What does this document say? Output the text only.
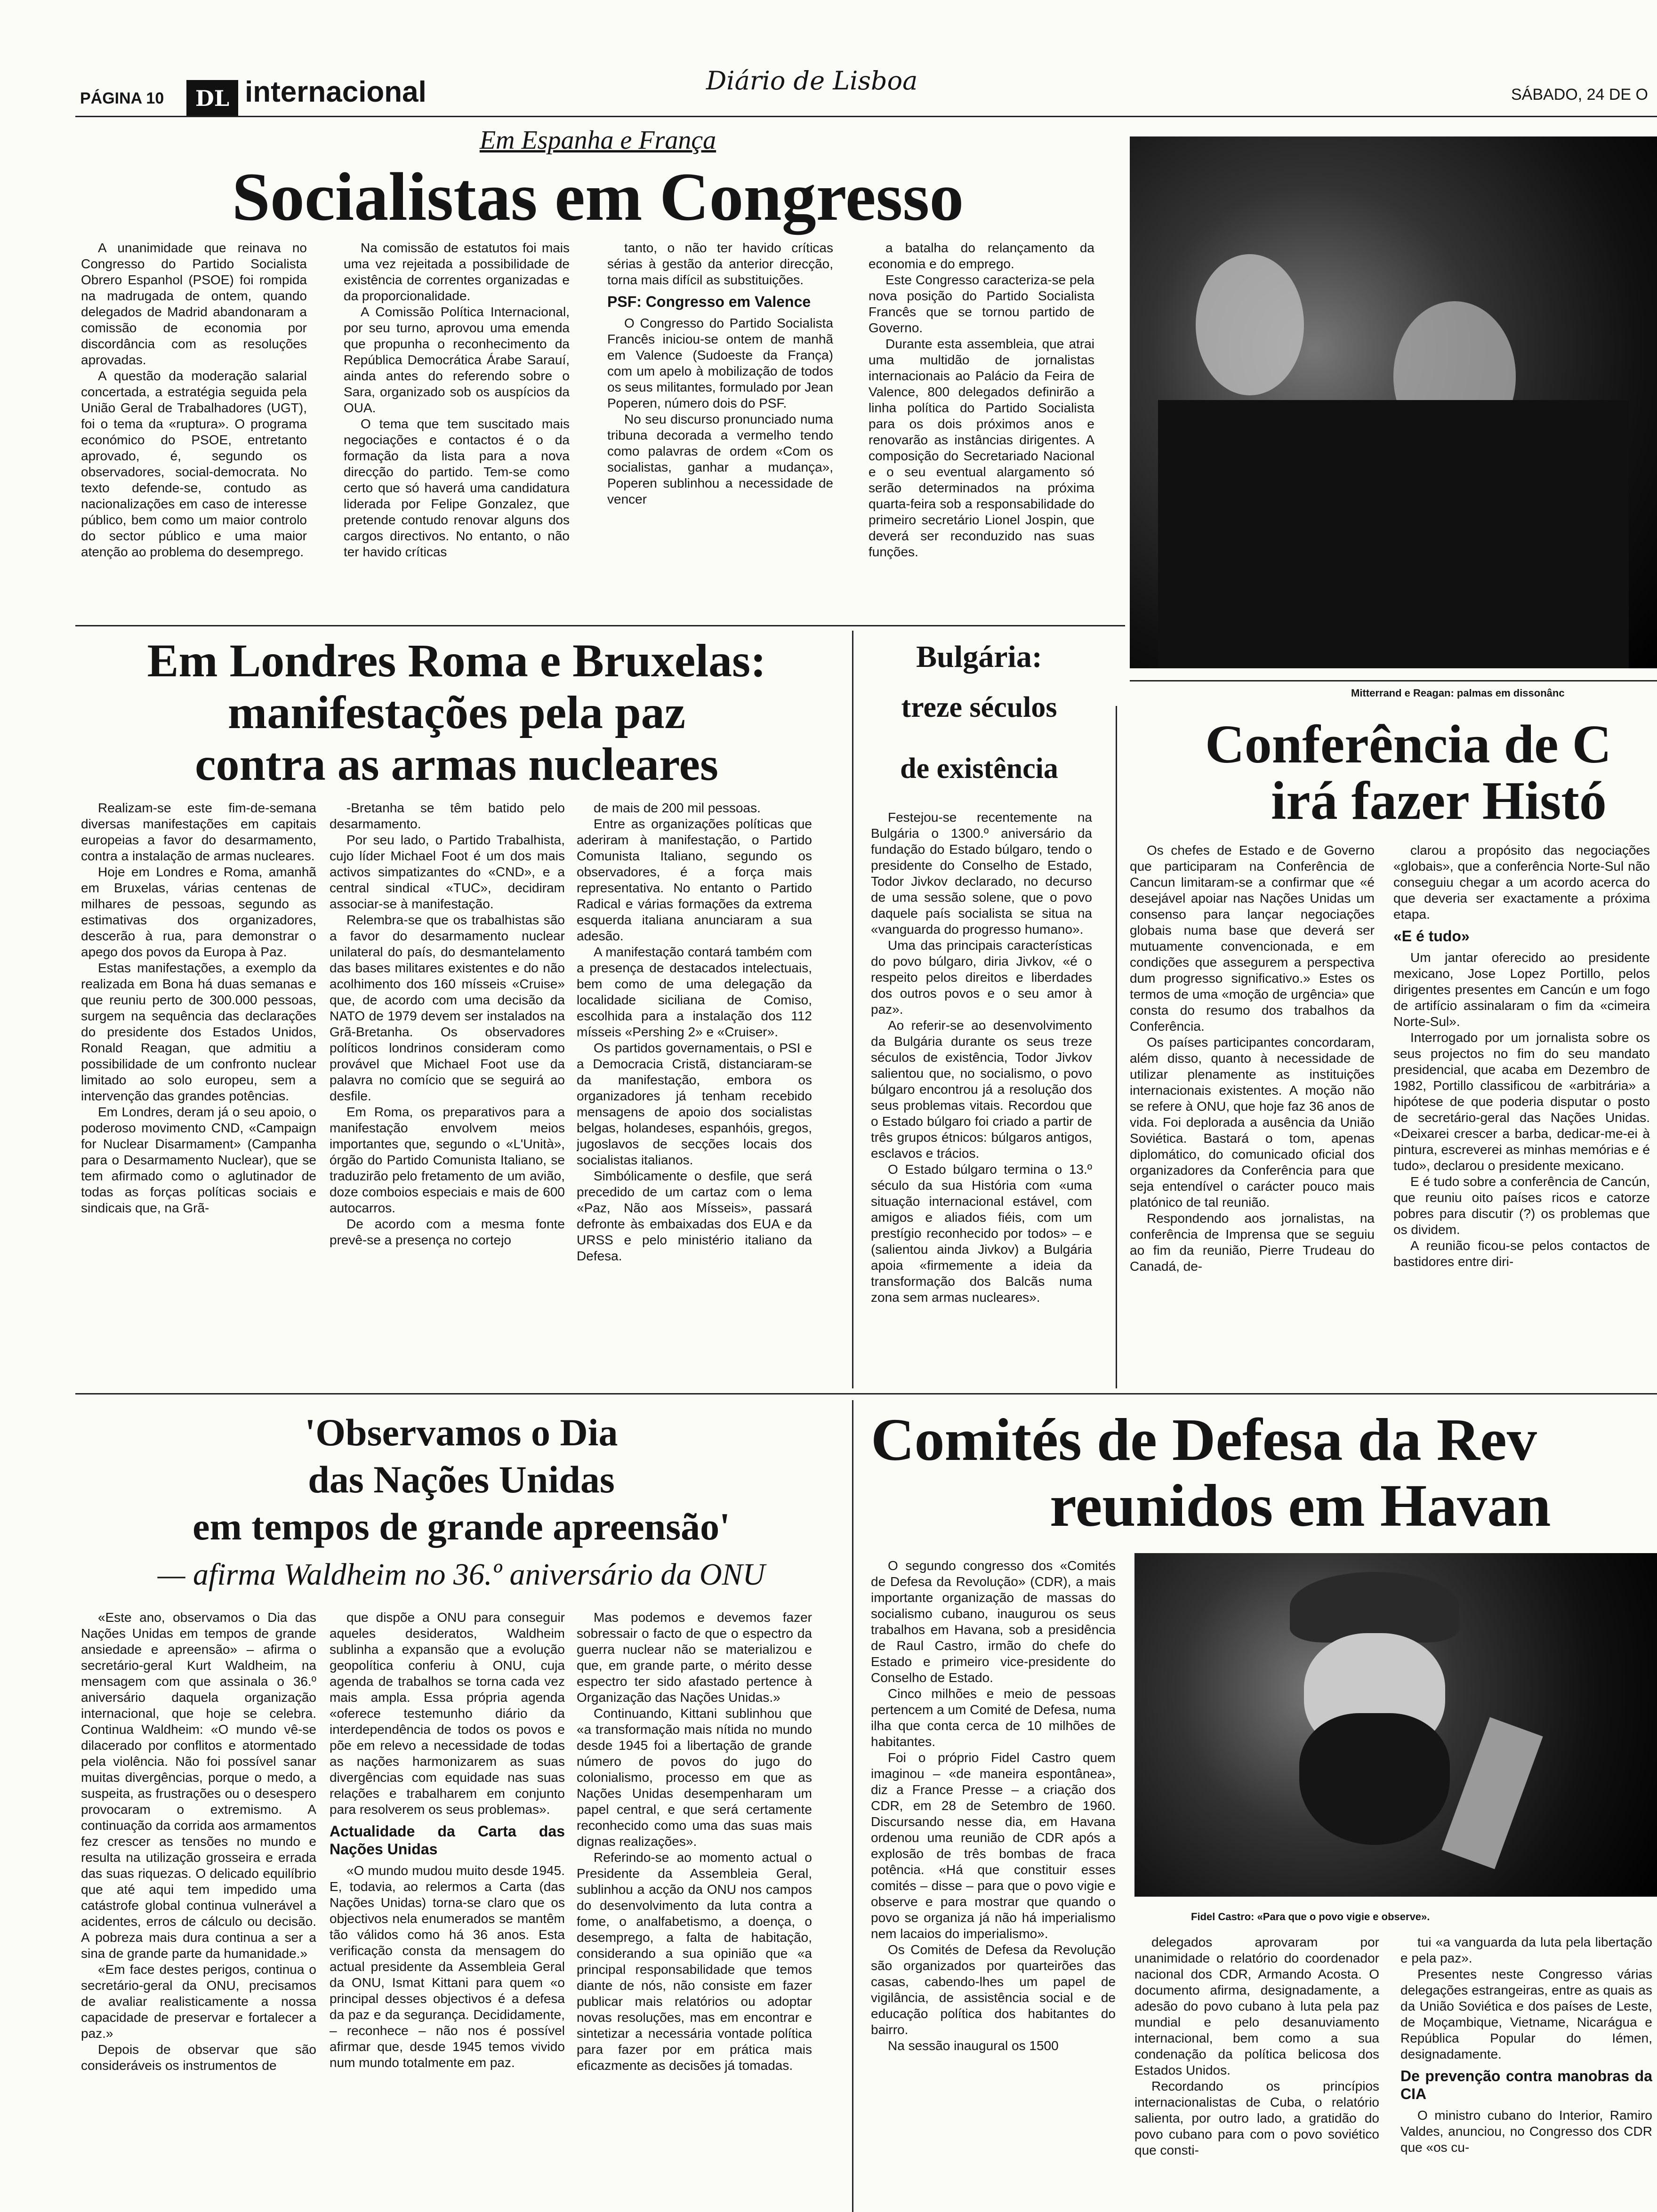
PÁGINA 10	DL internacional	Diário de Lisboa	SÁBADO, 24 DE O
Em Espanha e França
Socialistas em Congresso

A unanimidade que reinava no Congresso do Partido Socialista Obrero Espanhol (PSOE) foi rompida na madrugada de ontem, quando delegados de Madrid abandonaram a comissão de economia por discordância com as resoluções aprovadas.

A questão da moderação salarial concertada, a estratégia seguida pela União Geral de Trabalhadores (UGT), foi o tema da «ruptura». O programa económico do PSOE, entretanto aprovado, é, segundo os observadores, social-democrata. No texto defende-se, contudo as nacionalizações em caso de interesse público, bem como um maior controlo do sector público e uma maior atenção ao problema do desemprego.

Na comissão de estatutos foi mais uma vez rejeitada a possibilidade de existência de correntes organizadas e da proporcionalidade.

A Comissão Política Internacional, por seu turno, aprovou uma emenda que propunha o reconhecimento da República Democrática Árabe Sarauí, ainda antes do referendo sobre o Sara, organizado sob os auspícios da OUA.

O tema que tem suscitado mais negociações e contactos é o da formação da lista para a nova direcção do partido. Tem-se como certo que só haverá uma candidatura liderada por Felipe Gonzalez, que pretende contudo renovar alguns dos cargos directivos. No entanto, o não ter havido críticas

tanto, o não ter havido críticas sérias à gestão da anterior direcção, torna mais difícil as substituições.

PSF: Congresso em Valence

O Congresso do Partido Socialista Francês iniciou-se ontem de manhã em Valence (Sudoeste da França) com um apelo à mobilização de todos os seus militantes, formulado por Jean Poperen, número dois do PSF.

No seu discurso pronunciado numa tribuna decorada a vermelho tendo como palavras de ordem «Com os socialistas, ganhar a mudança», Poperen sublinhou a necessidade de vencer

a batalha do relançamento da economia e do emprego.

Este Congresso caracteriza-se pela nova posição do Partido Socialista Francês que se tornou partido de Governo.

Durante esta assembleia, que atrai uma multidão de jornalistas internacionais ao Palácio da Feira de Valence, 800 delegados definirão a linha política do Partido Socialista para os dois próximos anos e renovarão as instâncias dirigentes. A composição do Secretariado Nacional e o seu eventual alargamento só serão determinados na próxima quarta-feira sob a responsabilidade do primeiro secretário Lionel Jospin, que deverá ser reconduzido nas suas funções.

Mitterrand e Reagan: palmas em dissonânc
Em Londres Roma e Bruxelas:
manifestações pela paz
contra as armas nucleares

Realizam-se este fim-de-semana diversas manifestações em capitais europeias a favor do desarmamento, contra a instalação de armas nucleares.

Hoje em Londres e Roma, amanhã em Bruxelas, várias centenas de milhares de pessoas, segundo as estimativas dos organizadores, descerão à rua, para demonstrar o apego dos povos da Europa à Paz.

Estas manifestações, a exemplo da realizada em Bona há duas semanas e que reuniu perto de 300.000 pessoas, surgem na sequência das declarações do presidente dos Estados Unidos, Ronald Reagan, que admitiu a possibilidade de um confronto nuclear limitado ao solo europeu, sem a intervenção das grandes potências.

Em Londres, deram já o seu apoio, o poderoso movimento CND, «Campaign for Nuclear Disarmament» (Campanha para o Desarmamento Nuclear), que se tem afirmado como o aglutinador de todas as forças políticas sociais e sindicais que, na Grã-

-Bretanha se têm batido pelo desarmamento.

Por seu lado, o Partido Trabalhista, cujo líder Michael Foot é um dos mais activos simpatizantes do «CND», e a central sindical «TUC», decidiram associar-se à manifestação.

Relembra-se que os trabalhistas são a favor do desarmamento nuclear unilateral do país, do desmantelamento das bases militares existentes e do não acolhimento dos 160 mísseis «Cruise» que, de acordo com uma decisão da NATO de 1979 devem ser instalados na Grã-Bretanha. Os observadores políticos londrinos consideram como provável que Michael Foot use da palavra no comício que se seguirá ao desfile.

Em Roma, os preparativos para a manifestação envolvem meios importantes que, segundo o «L'Unità», órgão do Partido Comunista Italiano, se traduzirão pelo fretamento de um avião, doze comboios especiais e mais de 600 autocarros.

De acordo com a mesma fonte prevê-se a presença no cortejo

de mais de 200 mil pessoas.

Entre as organizações políticas que aderiram à manifestação, o Partido Comunista Italiano, segundo os observadores, é a força mais representativa. No entanto o Partido Radical e várias formações da extrema esquerda italiana anunciaram a sua adesão.

A manifestação contará também com a presença de destacados intelectuais, bem como de uma delegação da localidade siciliana de Comiso, escolhida para a instalação dos 112 mísseis «Pershing 2» e «Cruiser».

Os partidos governamentais, o PSI e a Democracia Cristã, distanciaram-se da manifestação, embora os organizadores já tenham recebido mensagens de apoio dos socialistas belgas, holandeses, espanhóis, gregos, jugoslavos de secções locais dos socialistas italianos.

Simbólicamente o desfile, que será precedido de um cartaz com o lema «Paz, Não aos Mísseis», passará defronte às embaixadas dos EUA e da URSS e pelo ministério italiano da Defesa.

Bulgária:
treze séculos
de existência

Festejou-se recentemente na Bulgária o 1300.º aniversário da fundação do Estado búlgaro, tendo o presidente do Conselho de Estado, Todor Jivkov declarado, no decurso de uma sessão solene, que o povo daquele país socialista se situa na «vanguarda do progresso humano».

Uma das principais características do povo búlgaro, diria Jivkov, «é o respeito pelos direitos e liberdades dos outros povos e o seu amor à paz».

Ao referir-se ao desenvolvimento da Bulgária durante os seus treze séculos de existência, Todor Jivkov salientou que, no socialismo, o povo búlgaro encontrou já a resolução dos seus problemas vitais. Recordou que o Estado búlgaro foi criado a partir de três grupos étnicos: búlgaros antigos, esclavos e trácios.

O Estado búlgaro termina o 13.º século da sua História com «uma situação internacional estável, com amigos e aliados fiéis, com um prestígio reconhecido por todos» – e (salientou ainda Jivkov) a Bulgária apoia «firmemente a ideia da transformação dos Balcãs numa zona sem armas nucleares».

Conferência de C
irá fazer Histó

Os chefes de Estado e de Governo que participaram na Conferência de Cancun limitaram-se a confirmar que «é desejável apoiar nas Nações Unidas um consenso para lançar negociações globais numa base que deverá ser mutuamente convencionada, e em condições que assegurem a perspectiva dum progresso significativo.» Estes os termos de uma «moção de urgência» que consta do resumo dos trabalhos da Conferência.

Os países participantes concordaram, além disso, quanto à necessidade de utilizar plenamente as instituições internacionais existentes. A moção não se refere à ONU, que hoje faz 36 anos de vida. Foi deplorada a ausência da União Soviética. Bastará o tom, apenas diplomático, do comunicado oficial dos organizadores da Conferência para que seja entendível o carácter pouco mais platónico de tal reunião.

Respondendo aos jornalistas, na conferência de Imprensa que se seguiu ao fim da reunião, Pierre Trudeau do Canadá, de-

clarou a propósito das negociações «globais», que a conferência Norte-Sul não conseguiu chegar a um acordo acerca do que deveria ser exactamente a próxima etapa.

«E é tudo»

Um jantar oferecido ao presidente mexicano, Jose Lopez Portillo, pelos dirigentes presentes em Cancún e um fogo de artifício assinalaram o fim da «cimeira Norte-Sul».

Interrogado por um jornalista sobre os seus projectos no fim do seu mandato presidencial, que acaba em Dezembro de 1982, Portillo classificou de «arbitrária» a hipótese de que poderia disputar o posto de secretário-geral das Nações Unidas. «Deixarei crescer a barba, dedicar-me-ei à pintura, escreverei as minhas memórias e é tudo», declarou o presidente mexicano.

E é tudo sobre a conferência de Cancún, que reuniu oito países ricos e catorze pobres para discutir (?) os problemas que os dividem.

A reunião ficou-se pelos contactos de bastidores entre diri-

'Observamos o Dia
das Nações Unidas
em tempos de grande apreensão'
— afirma Waldheim no 36.º aniversário da ONU

«Este ano, observamos o Dia das Nações Unidas em tempos de grande ansiedade e apreensão» – afirma o secretário-geral Kurt Waldheim, na mensagem com que assinala o 36.º aniversário daquela organização internacional, que hoje se celebra. Continua Waldheim: «O mundo vê-se dilacerado por conflitos e atormentado pela violência. Não foi possível sanar muitas divergências, porque o medo, a suspeita, as frustrações ou o desespero provocaram o extremismo. A continuação da corrida aos armamentos fez crescer as tensões no mundo e resulta na utilização grosseira e errada das suas riquezas. O delicado equilíbrio que até aqui tem impedido uma catástrofe global continua vulnerável a acidentes, erros de cálculo ou decisão. A pobreza mais dura continua a ser a sina de grande parte da humanidade.»

«Em face destes perigos, continua o secretário-geral da ONU, precisamos de avaliar realisticamente a nossa capacidade de preservar e fortalecer a paz.»

Depois de observar que são consideráveis os instrumentos de

que dispõe a ONU para conseguir aqueles desideratos, Waldheim sublinha a expansão que a evolução geopolítica conferiu à ONU, cuja agenda de trabalhos se torna cada vez mais ampla. Essa própria agenda «oferece testemunho diário da interdependência de todos os povos e põe em relevo a necessidade de todas as nações harmonizarem as suas divergências com equidade nas suas relações e trabalharem em conjunto para resolverem os seus problemas».

Actualidade da Carta das Nações Unidas

«O mundo mudou muito desde 1945. E, todavia, ao relermos a Carta (das Nações Unidas) torna-se claro que os objectivos nela enumerados se mantêm tão válidos como há 36 anos. Esta verificação consta da mensagem do actual presidente da Assembleia Geral da ONU, Ismat Kittani para quem «o principal desses objectivos é a defesa da paz e da segurança. Decididamente, – reconhece – não nos é possível afirmar que, desde 1945 temos vivido num mundo totalmente em paz.

Mas podemos e devemos fazer sobressair o facto de que o espectro da guerra nuclear não se materializou e que, em grande parte, o mérito desse espectro ter sido afastado pertence à Organização das Nações Unidas.»

Continuando, Kittani sublinhou que «a transformação mais nítida no mundo desde 1945 foi a libertação de grande número de povos do jugo do colonialismo, processo em que as Nações Unidas desempenharam um papel central, e que será certamente reconhecido como uma das suas mais dignas realizações».

Referindo-se ao momento actual o Presidente da Assembleia Geral, sublinhou a acção da ONU nos campos do desenvolvimento da luta contra a fome, o analfabetismo, a doença, o desemprego, a falta de habitação, considerando a sua opinião que «a principal responsabilidade que temos diante de nós, não consiste em fazer publicar mais relatórios ou adoptar novas resoluções, mas em encontrar e sintetizar a necessária vontade política para fazer por em prática mais eficazmente as decisões já tomadas.

Comités de Defesa da Rev
reunidos em Havan

O segundo congresso dos «Comités de Defesa da Revolução» (CDR), a mais importante organização de massas do socialismo cubano, inaugurou os seus trabalhos em Havana, sob a presidência de Raul Castro, irmão do chefe do Estado e primeiro vice-presidente do Conselho de Estado.

Cinco milhões e meio de pessoas pertencem a um Comité de Defesa, numa ilha que conta cerca de 10 milhões de habitantes.

Foi o próprio Fidel Castro quem imaginou – «de maneira espontânea», diz a France Presse – a criação dos CDR, em 28 de Setembro de 1960. Discursando nesse dia, em Havana ordenou uma reunião de CDR após a explosão de três bombas de fraca potência. «Há que constituir esses comités – disse – para que o povo vigie e observe e para mostrar que quando o povo se organiza já não há imperialismo nem lacaios do imperialismo».

Os Comités de Defesa da Revolução são organizados por quarteirões das casas, cabendo-lhes um papel de vigilância, de assistência social e de educação política dos habitantes do bairro.

Na sessão inaugural os 1500

Fidel Castro: «Para que o povo vigie e observe».

delegados aprovaram por unanimidade o relatório do coordenador nacional dos CDR, Armando Acosta. O documento afirma, designadamente, a adesão do povo cubano à luta pela paz mundial e pelo desanuviamento internacional, bem como a sua condenação da política belicosa dos Estados Unidos.

Recordando os princípios internacionalistas de Cuba, o relatório salienta, por outro lado, a gratidão do povo cubano para com o povo soviético que consti-

tui «a vanguarda da luta pela libertação e pela paz».

Presentes neste Congresso várias delegações estrangeiras, entre as quais as da União Soviética e dos países de Leste, de Moçambique, Vietname, Nicarágua e República Popular do Iémen, designadamente.

De prevenção contra manobras da CIA

O ministro cubano do Interior, Ramiro Valdes, anunciou, no Congresso dos CDR que «os cu-
